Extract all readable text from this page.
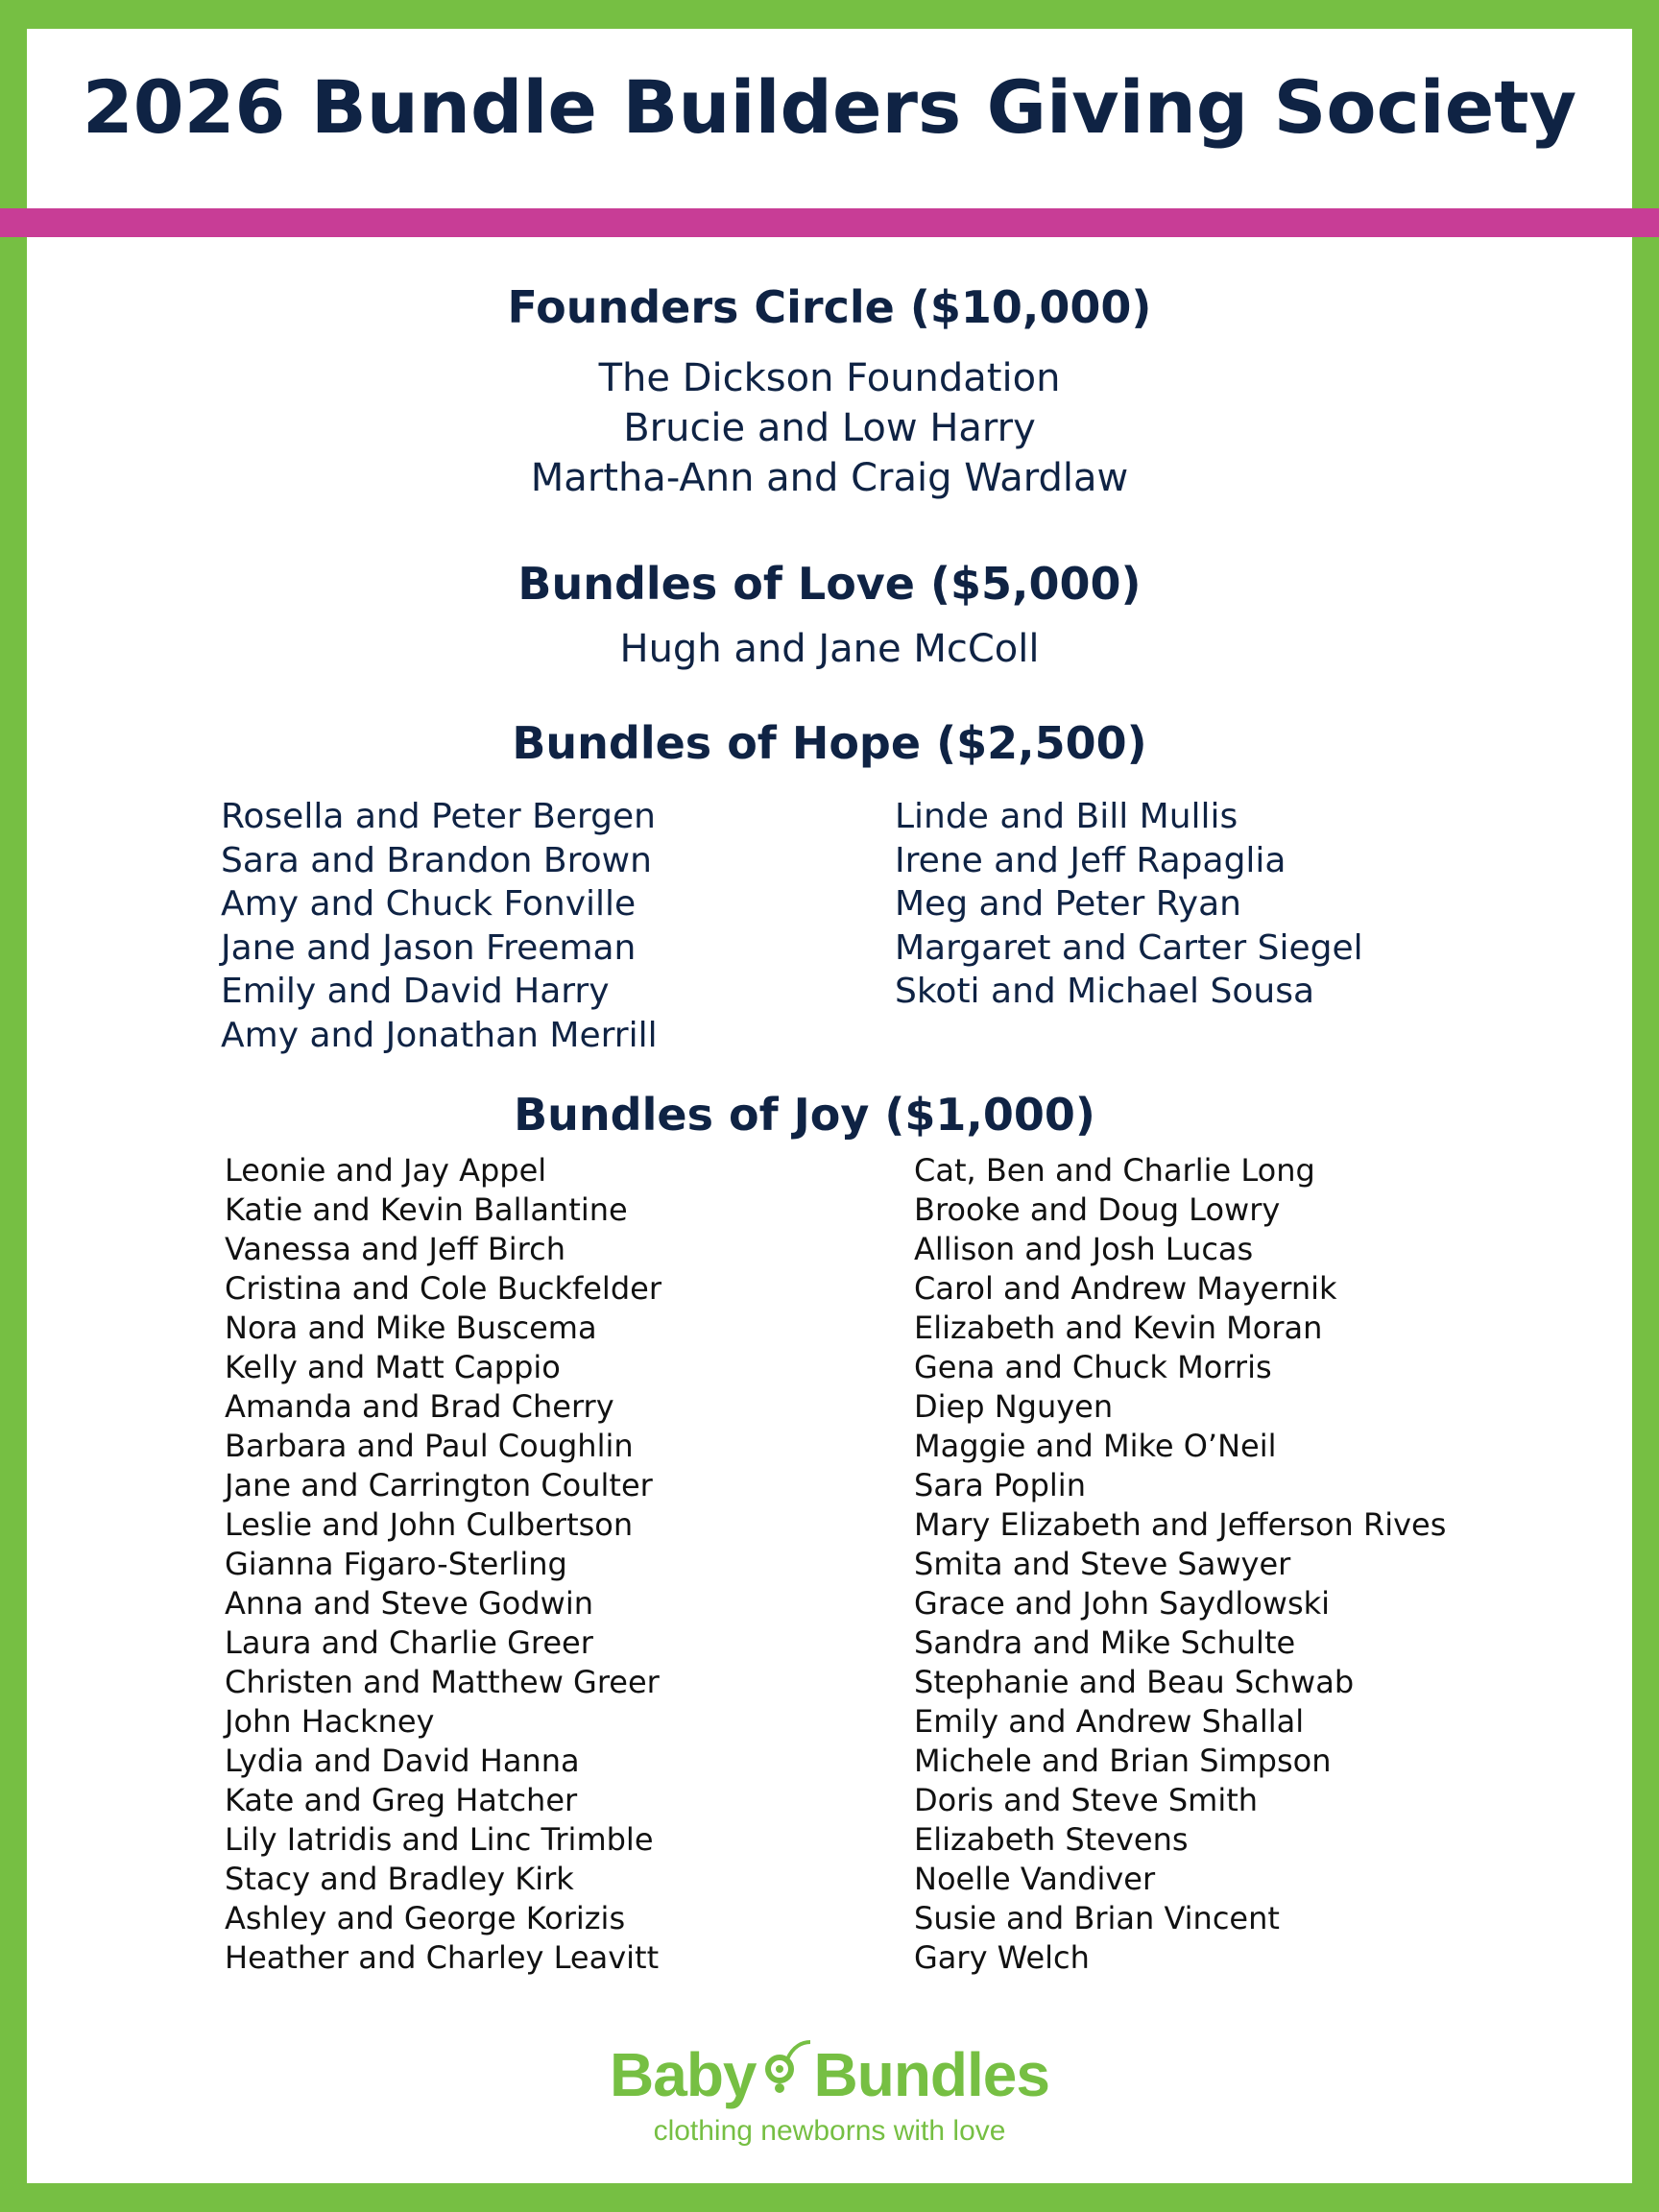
2026 Bundle Builders Giving Society
Founders Circle ($10,000)
The Dickson Foundation
Brucie and Low Harry
Martha-Ann and Craig Wardlaw
Bundles of Love ($5,000)
Hugh and Jane McColl
Bundles of Hope ($2,500)
Rosella and Peter Bergen
Sara and Brandon Brown
Amy and Chuck Fonville
Jane and Jason Freeman
Emily and David Harry
Amy and Jonathan Merrill
Linde and Bill Mullis
Irene and Jeff Rapaglia
Meg and Peter Ryan
Margaret and Carter Siegel
Skoti and Michael Sousa
Bundles of Joy ($1,000)
Leonie and Jay Appel
Katie and Kevin Ballantine
Vanessa and Jeff Birch
Cristina and Cole Buckfelder
Nora and Mike Buscema
Kelly and Matt Cappio
Amanda and Brad Cherry
Barbara and Paul Coughlin
Jane and Carrington Coulter
Leslie and John Culbertson
Gianna Figaro-Sterling
Anna and Steve Godwin
Laura and Charlie Greer
Christen and Matthew Greer
John Hackney
Lydia and David Hanna
Kate and Greg Hatcher
Lily Iatridis and Linc Trimble
Stacy and Bradley Kirk
Ashley and George Korizis
Heather and Charley Leavitt
Cat, Ben and Charlie Long
Brooke and Doug Lowry
Allison and Josh Lucas
Carol and Andrew Mayernik
Elizabeth and Kevin Moran
Gena and Chuck Morris
Diep Nguyen
Maggie and Mike O’Neil
Sara Poplin
Mary Elizabeth and Jefferson Rives
Smita and Steve Sawyer
Grace and John Saydlowski
Sandra and Mike Schulte
Stephanie and Beau Schwab
Emily and Andrew Shallal
Michele and Brian Simpson
Doris and Steve Smith
Elizabeth Stevens
Noelle Vandiver
Susie and Brian Vincent
Gary Welch
Baby Bundles
clothing newborns with love
